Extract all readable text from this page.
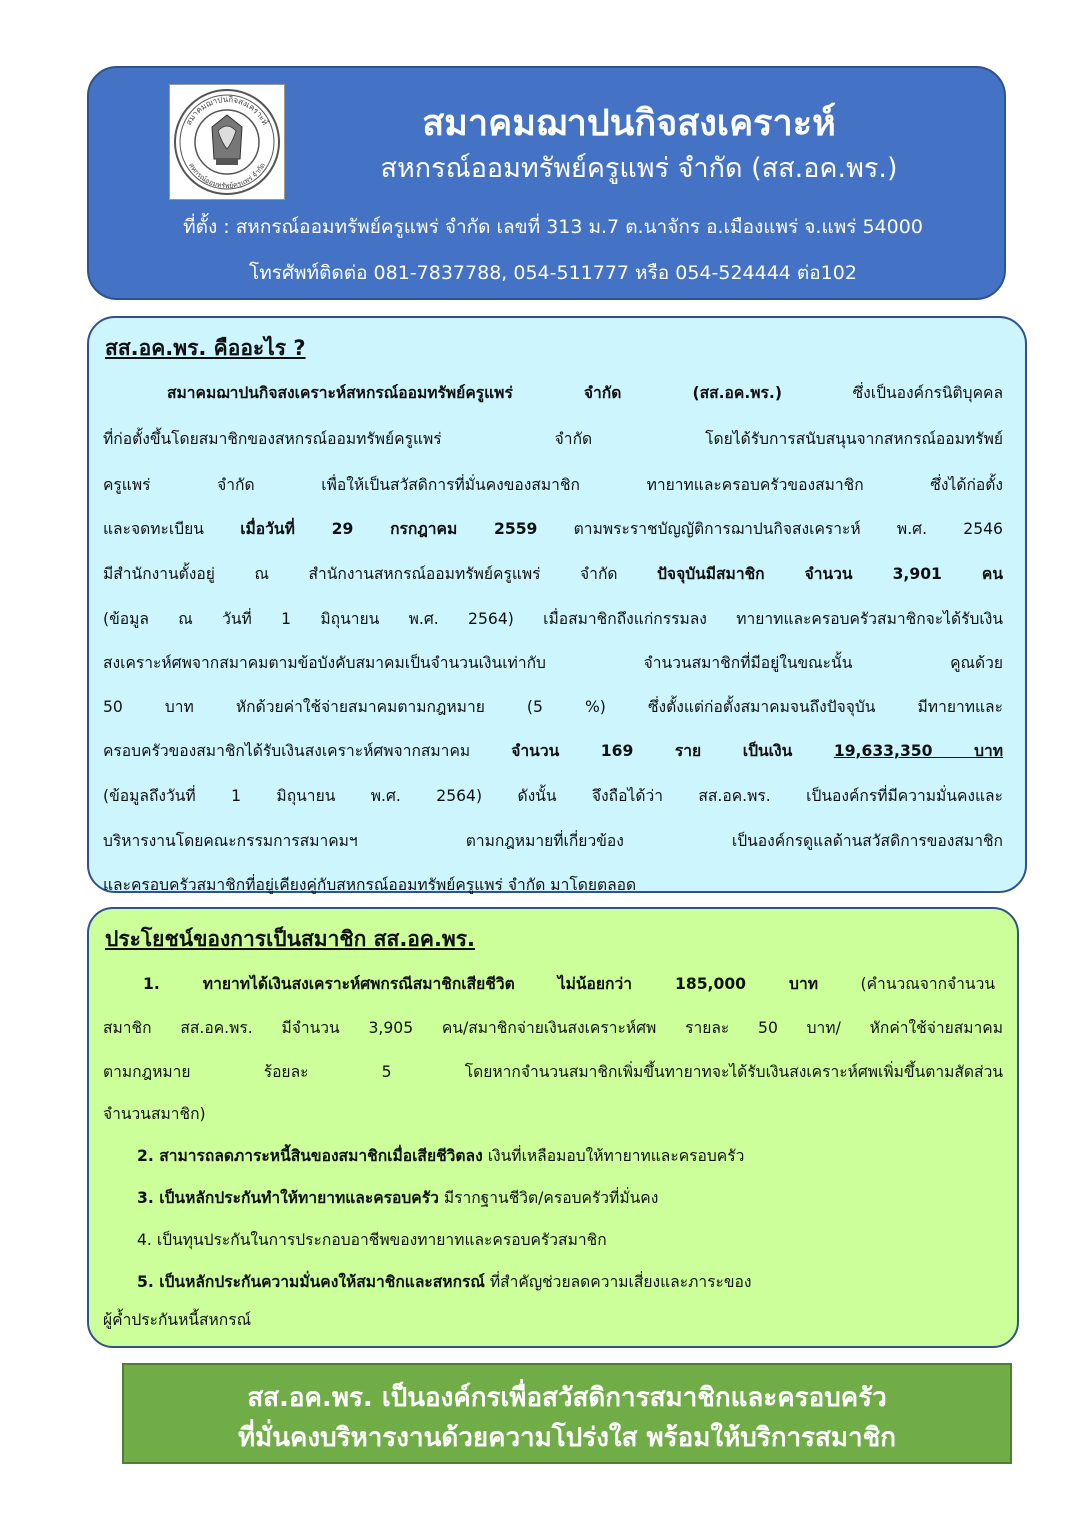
สมาคมฌาปนกิจสงเคราะห์
สหกรณ์ออมทรัพย์ครูแพร่ จำกัด
สมาคมฌาปนกิจสงเคราะห์
สหกรณ์ออมทรัพย์ครูแพร่ จำกัด (สส.อค.พร.)
ที่ตั้ง : สหกรณ์ออมทรัพย์ครูแพร่ จำกัด เลขที่ 313 ม.7 ต.นาจักร อ.เมืองแพร่ จ.แพร่ 54000
โทรศัพท์ติดต่อ 081-7837788, 054-511777 หรือ 054-524444 ต่อ102
สส.อค.พร. คืออะไร ?
สมาคมฌาปนกิจสงเคราะห์สหกรณ์ออมทรัพย์ครูแพร่ จำกัด (สส.อค.พร.) ซึ่งเป็นองค์กรนิติบุคคล
ที่ก่อตั้งขึ้นโดยสมาชิกของสหกรณ์ออมทรัพย์ครูแพร่ จำกัด โดยได้รับการสนับสนุนจากสหกรณ์ออมทรัพย์
ครูแพร่ จำกัด เพื่อให้เป็นสวัสดิการที่มั่นคงของสมาชิก ทายาทและครอบครัวของสมาชิก ซึ่งได้ก่อตั้ง
และจดทะเบียน เมื่อวันที่ 29 กรกฎาคม 2559 ตามพระราชบัญญัติการฌาปนกิจสงเคราะห์ พ.ศ. 2546
มีสำนักงานตั้งอยู่ ณ สำนักงานสหกรณ์ออมทรัพย์ครูแพร่ จำกัด ปัจจุบันมีสมาชิก จำนวน 3,901 คน
(ข้อมูล ณ วันที่ 1 มิถุนายน พ.ศ. 2564) เมื่อสมาชิกถึงแก่กรรมลง ทายาทและครอบครัวสมาชิกจะได้รับเงิน
สงเคราะห์ศพจากสมาคมตามข้อบังคับสมาคมเป็นจำนวนเงินเท่ากับ จำนวนสมาชิกที่มีอยู่ในขณะนั้น คูณด้วย
50 บาท หักด้วยค่าใช้จ่ายสมาคมตามกฎหมาย (5 %) ซึ่งตั้งแต่ก่อตั้งสมาคมจนถึงปัจจุบัน มีทายาทและ
ครอบครัวของสมาชิกได้รับเงินสงเคราะห์ศพจากสมาคม จำนวน 169 ราย เป็นเงิน 19,633,350 บาท
(ข้อมูลถึงวันที่ 1 มิถุนายน พ.ศ. 2564) ดังนั้น จึงถือได้ว่า สส.อค.พร. เป็นองค์กรที่มีความมั่นคงและ
บริหารงานโดยคณะกรรมการสมาคมฯ ตามกฎหมายที่เกี่ยวข้อง เป็นองค์กรดูแลด้านสวัสดิการของสมาชิก
และครอบครัวสมาชิกที่อยู่เคียงคู่กับสหกรณ์ออมทรัพย์ครูแพร่ จำกัด มาโดยตลอด
ประโยชน์ของการเป็นสมาชิก สส.อค.พร.
1. ทายาทได้เงินสงเคราะห์ศพกรณีสมาชิกเสียชีวิต ไม่น้อยกว่า 185,000 บาท (คำนวณจากจำนวน
สมาชิก สส.อค.พร. มีจำนวน 3,905 คน/สมาชิกจ่ายเงินสงเคราะห์ศพ รายละ 50 บาท/ หักค่าใช้จ่ายสมาคม
ตามกฎหมาย ร้อยละ 5 โดยหากจำนวนสมาชิกเพิ่มขึ้นทายาทจะได้รับเงินสงเคราะห์ศพเพิ่มขึ้นตามสัดส่วน
จำนวนสมาชิก)
2. สามารถลดภาระหนี้สินของสมาชิกเมื่อเสียชีวิตลง เงินที่เหลือมอบให้ทายาทและครอบครัว
3. เป็นหลักประกันทำให้ทายาทและครอบครัว มีรากฐานชีวิต/ครอบครัวที่มั่นคง
4. เป็นทุนประกันในการประกอบอาชีพของทายาทและครอบครัวสมาชิก
5. เป็นหลักประกันความมั่นคงให้สมาชิกและสหกรณ์ ที่สำคัญช่วยลดความเสี่ยงและภาระของ
ผู้ค้ำประกันหนี้สหกรณ์
สส.อค.พร. เป็นองค์กรเพื่อสวัสดิการสมาชิกและครอบครัว
ที่มั่นคงบริหารงานด้วยความโปร่งใส พร้อมให้บริการสมาชิก
